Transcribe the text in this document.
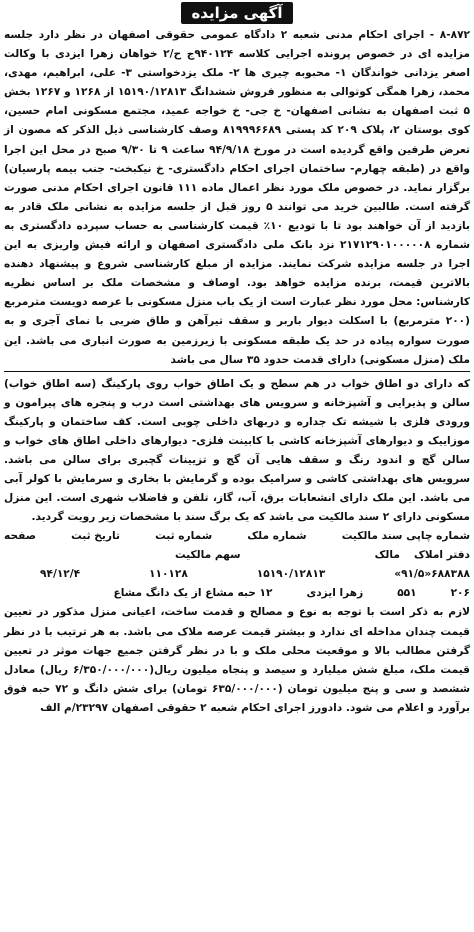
آگهی مزایده

۸-۸۷۲ - اجرای احکام مدنی شعبه ۲ دادگاه عمومی حقوقی اصفهان در نظر دارد جلسه مزایده ای در خصوص پرونده اجرایی کلاسه ۹۴۰۱۲۴ج ح/۲ خواهان زهرا ایزدی با وکالت اصغر یزدانی خواندگان ۱- محبوبه چیری ها ۲- ملک یزدخواستی ۳- علی، ابراهیم، مهدی، محمد، زهرا همگی کوتوالی به منظور فروش ششدانگ ۱۵۱۹۰/۱۲۸۱۳ از ۱۲۶۸ و ۱۲۶۷ بخش ۵ ثبت اصفهان به نشانی اصفهان- خ جی- خ خواجه عمید، مجتمع مسکونی امام حسین، کوی بوستان ۲، پلاک ۲۰۹ کد پستی ۸۱۹۹۹۶۶۸۹ وصف کارشناسی ذیل الذکر که مصون از تعرض طرفین واقع گردیده است در مورخ ۹۴/۹/۱۸ ساعت ۹ تا ۹/۳۰ صبح در محل این اجرا واقع در (طبقه چهارم- ساختمان اجرای احکام دادگستری- خ نیکبخت- جنب بیمه پارسیان) برگزار نماید. در خصوص ملک مورد نظر اعمال ماده ۱۱۱ قانون اجرای احکام مدنی صورت گرفته است. طالبین خرید می توانند ۵ روز قبل از جلسه مزایده به نشانی ملک قادر به بازدید از آن خواهند بود تا با تودیع ۱۰٪ قیمت کارشناسی به حساب سپرده دادگستری به شماره ۲۱۷۱۲۹۰۱۰۰۰۰۰۸ نزد بانک ملی دادگستری اصفهان و ارائه فیش واریزی به این اجرا در جلسه مزایده شرکت نمایند. مزایده از مبلغ کارشناسی شروع و پیشنهاد دهنده بالاترین قیمت، برنده مزایده خواهد بود. اوصاف و مشخصات ملک بر اساس نظریه کارشناس: محل مورد نظر عبارت است از یک باب منزل مسکونی با عرصه دویست مترمربع (۲۰۰ مترمربع) با اسکلت دیوار باربر و سقف تیرآهن و طاق ضربی با نمای آجری و به صورت سواره پیاده در حد یک طبقه مسکونی با زیرزمین به صورت انباری می باشد. این ملک (منزل مسکونی) دارای قدمت حدود ۳۵ سال می باشد

که دارای دو اطاق خواب در هم سطح و یک اطاق خواب روی پارکینگ (سه اطاق خواب) سالن و پذیرایی و آشپزخانه و سرویس های بهداشتی است درب و پنجره های پیرامون و ورودی فلزی با شیشه تک جداره و دربهای داخلی چوبی است. کف ساختمان و پارکینگ موزاییک و دیوارهای آشپزخانه کاشی با کابینت فلزی- دیوارهای داخلی اطاق های خواب و سالن گچ و اندود رنگ و سقف هایی آن گچ و تزیینات گچبری برای سالن می باشد. سرویس های بهداشتی کاشی و سرامیک بوده و گرمایش با بخاری و سرمایش با کولر آبی می باشد. این ملک دارای انشعابات برق، آب، گاز، تلفن و فاضلاب شهری است. این منزل مسکونی دارای ۲ سند مالکیت می باشد که یک برگ سند با مشخصات زیر رویت گردید.

شماره چاپی سند مالکیت
شماره ملک
شماره ثبت
تاریخ ثبت
صفحه
دفتر املاک
مالک
سهم مالکیت
۶۸۸۳۸۸«۹۱/۵»
۱۵۱۹۰/۱۲۸۱۳
۱۱۰۱۲۸
۹۴/۱۲/۴
۲۰۶
۵۵۱
زهرا ایزدی
۱۲ حبه مشاع از یک دانگ مشاع

لازم به ذکر است با توجه به نوع و مصالح و قدمت ساخت، اعیانی منزل مذکور در تعیین قیمت چندان مداخله ای ندارد و بیشتر قیمت عرصه ملاک می باشد. به هر ترتیب با در نظر گرفتن مطالب بالا و موقعیت محلی ملک و با در نظر گرفتن جمیع جهات موثر در تعیین قیمت ملک، مبلغ شش میلیارد و سیصد و پنجاه میلیون ریال(۶/۳۵۰/۰۰۰/۰۰۰ ریال) معادل ششصد و سی و پنج میلیون تومان (۶۳۵/۰۰۰/۰۰۰ تومان) برای شش دانگ و ۷۲ حبه فوق برآورد و اعلام می شود. دادورز اجرای احکام شعبه ۲ حقوقی اصفهان ۲۳۲۹۷/م الف
